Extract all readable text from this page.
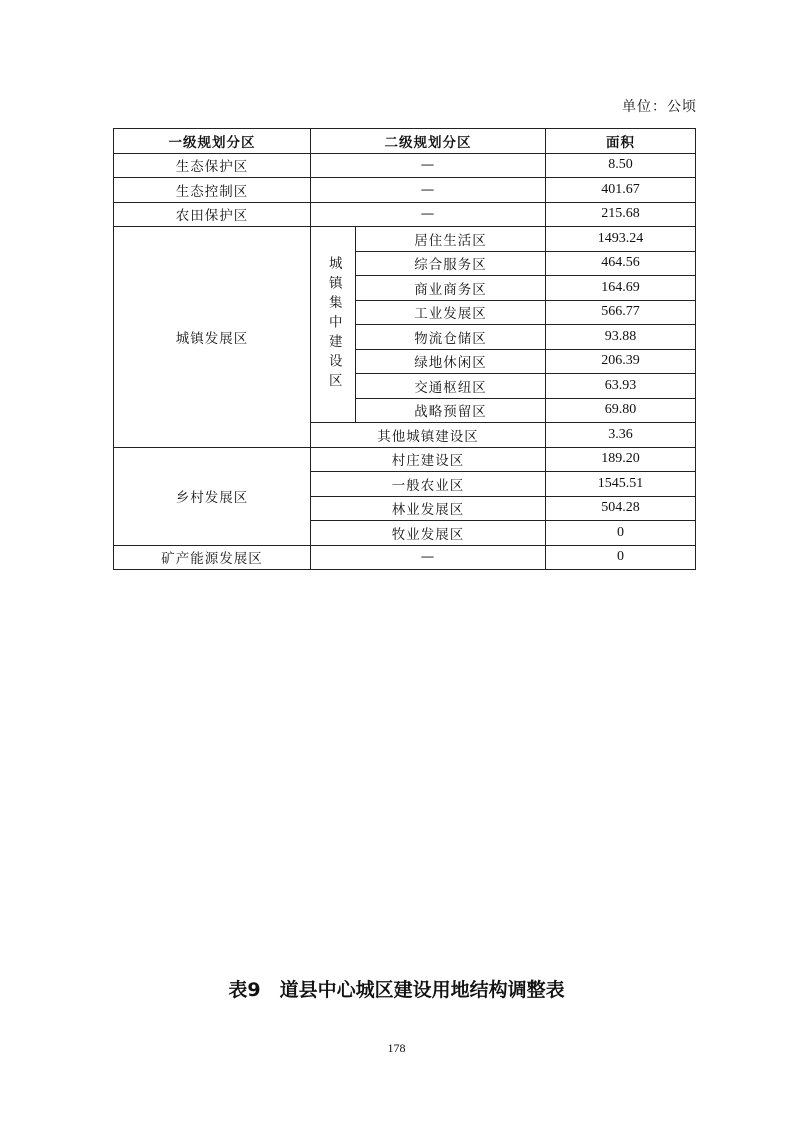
单位：公顷
一级规划分区	二级规划分区		面积
生态保护区	—		8.50
生态控制区	—		401.67
农田保护区	—		215.68
城镇发展区	城镇集中建设区	居住生活区	1493.24
		综合服务区	464.56
		商业商务区	164.69
		工业发展区	566.77
		物流仓储区	93.88
		绿地休闲区	206.39
		交通枢纽区	63.93
		战略预留区	69.80
	其他城镇建设区		3.36
乡村发展区	村庄建设区		189.20
	一般农业区		1545.51
	林业发展区		504.28
	牧业发展区		0
矿产能源发展区	—		0
表9　道县中心城区建设用地结构调整表
178
